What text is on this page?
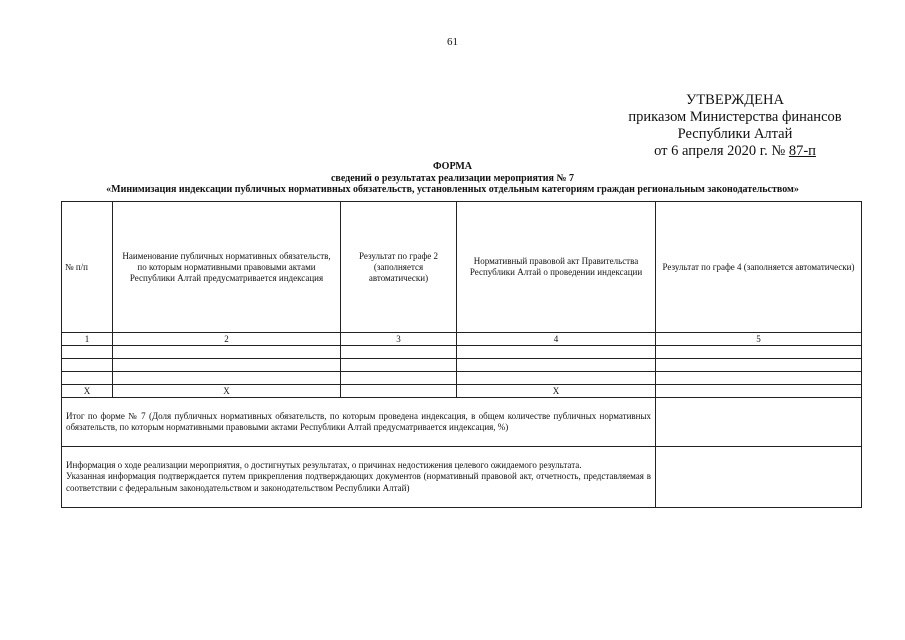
61
УТВЕРЖДЕНА
приказом Министерства финансов
Республики Алтай
от 6 апреля 2020 г. № 87-п
ФОРМА
сведений о результатах реализации мероприятия № 7
«Минимизация индексации публичных нормативных обязательств, установленных отдельным категориям граждан региональным законодательством»
№ п/п	Наименование публичных нормативных обязательств, по которым нормативными правовыми актами Республики Алтай предусматривается индексация	Результат по графе 2 (заполняется автоматически)	Нормативный правовой акт Правительства Республики Алтай о проведении индексации	Результат по графе 4 (заполняется автоматически)
1	2	3	4	5

X	X		X	
Итог по форме № 7 (Доля публичных нормативных обязательств, по которым проведена индексация, в общем количестве публичных нормативных обязательств, по которым нормативными правовыми актами Республики Алтай предусматривается индексация, %)				

Информация о ходе реализации мероприятия, о достигнутых результатах, о причинах недостижения целевого ожидаемого результата.
Указанная информация подтверждается путем прикрепления подтверждающих документов (нормативный правовой акт, отчетность, представляемая в соответствии с федеральным законодательством и законодательством Республики Алтай)				
